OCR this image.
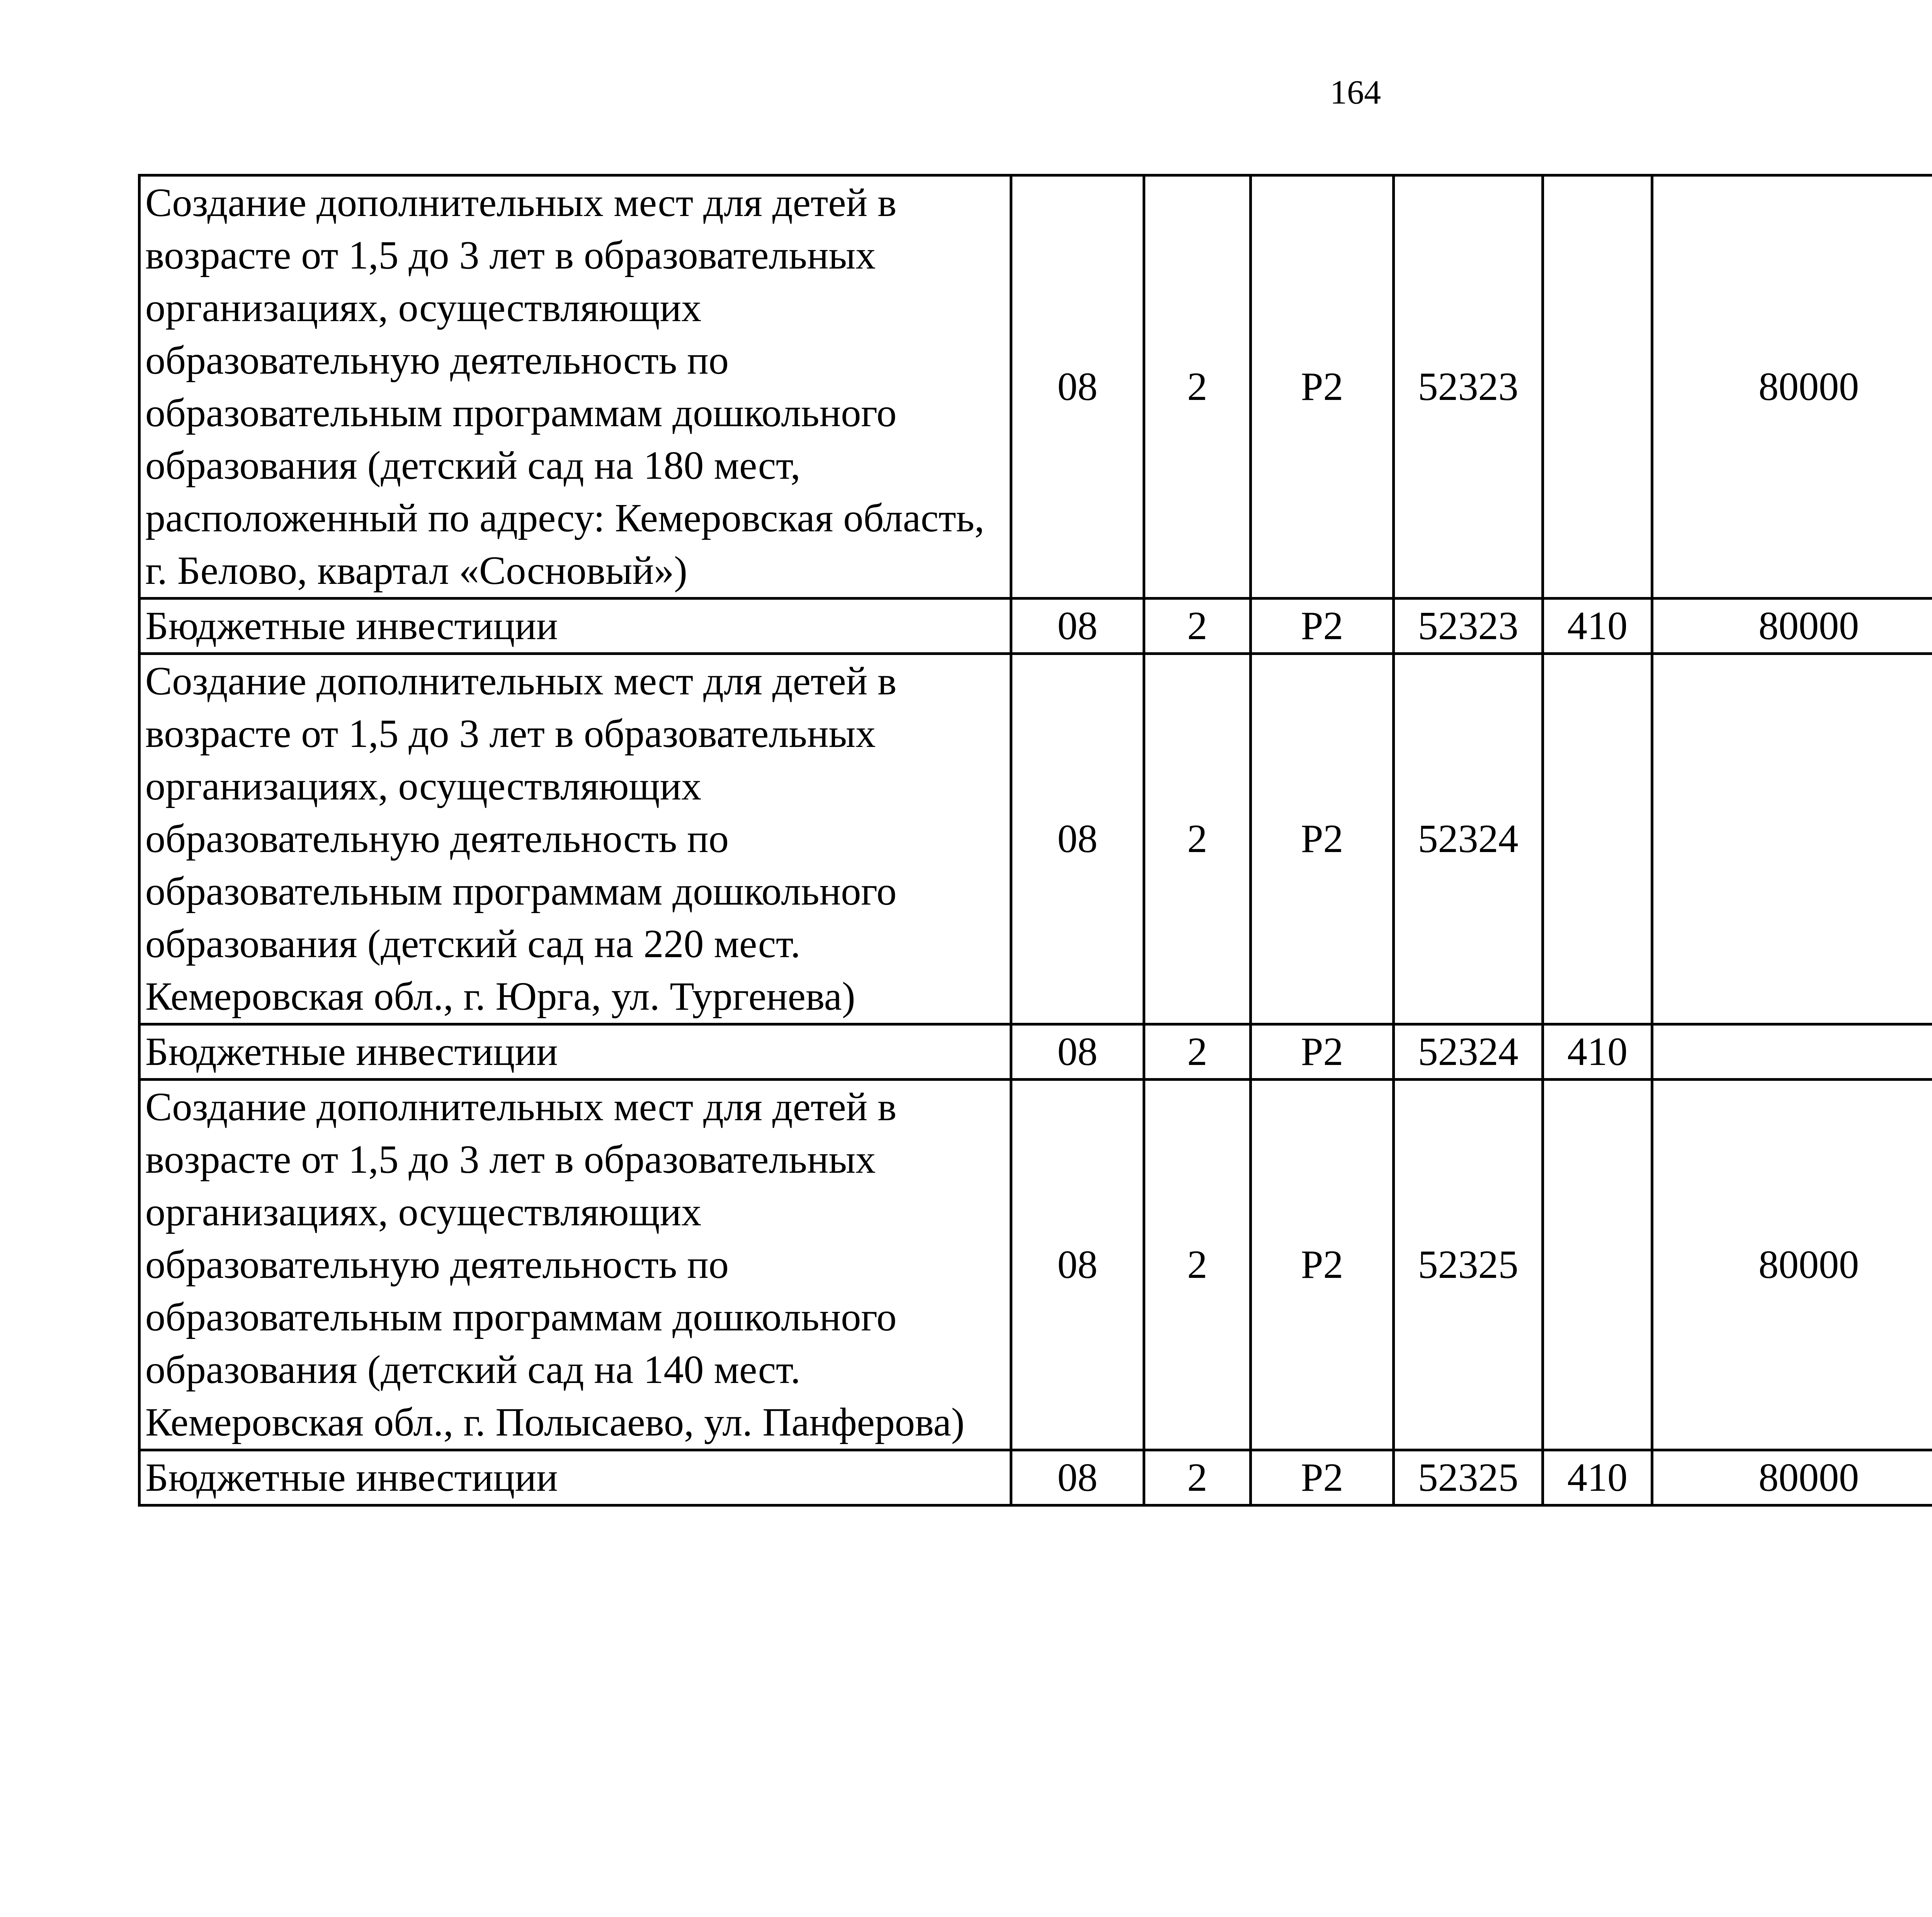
164
Создание дополнительных мест для детей в возрасте от 1,5 до 3 лет в образовательных организациях, осуществляющих образовательную деятельность по образовательным программам дошкольного образования (детский сад на 180 мест, расположенный по адресу: Кемеровская область, г. Белово, квартал «Сосновый»)	08	2	P2	52323		80000		
Бюджетные инвестиции	08	2	P2	52323	410	80000		
Создание дополнительных мест для детей в возрасте от 1,5 до 3 лет в образовательных организациях, осуществляющих образовательную деятельность по образовательным программам дошкольного образования (детский сад на 220 мест. Кемеровская обл., г. Юрга, ул. Тургенева)	08	2	P2	52324				
Бюджетные инвестиции	08	2	P2	52324	410			
Создание дополнительных мест для детей в возрасте от 1,5 до 3 лет в образовательных организациях, осуществляющих образовательную деятельность по образовательным программам дошкольного образования (детский сад на 140 мест. Кемеровская обл., г. Полысаево, ул. Панферова)	08	2	P2	52325		80000		
Бюджетные инвестиции	08	2	P2	52325	410	80000		
